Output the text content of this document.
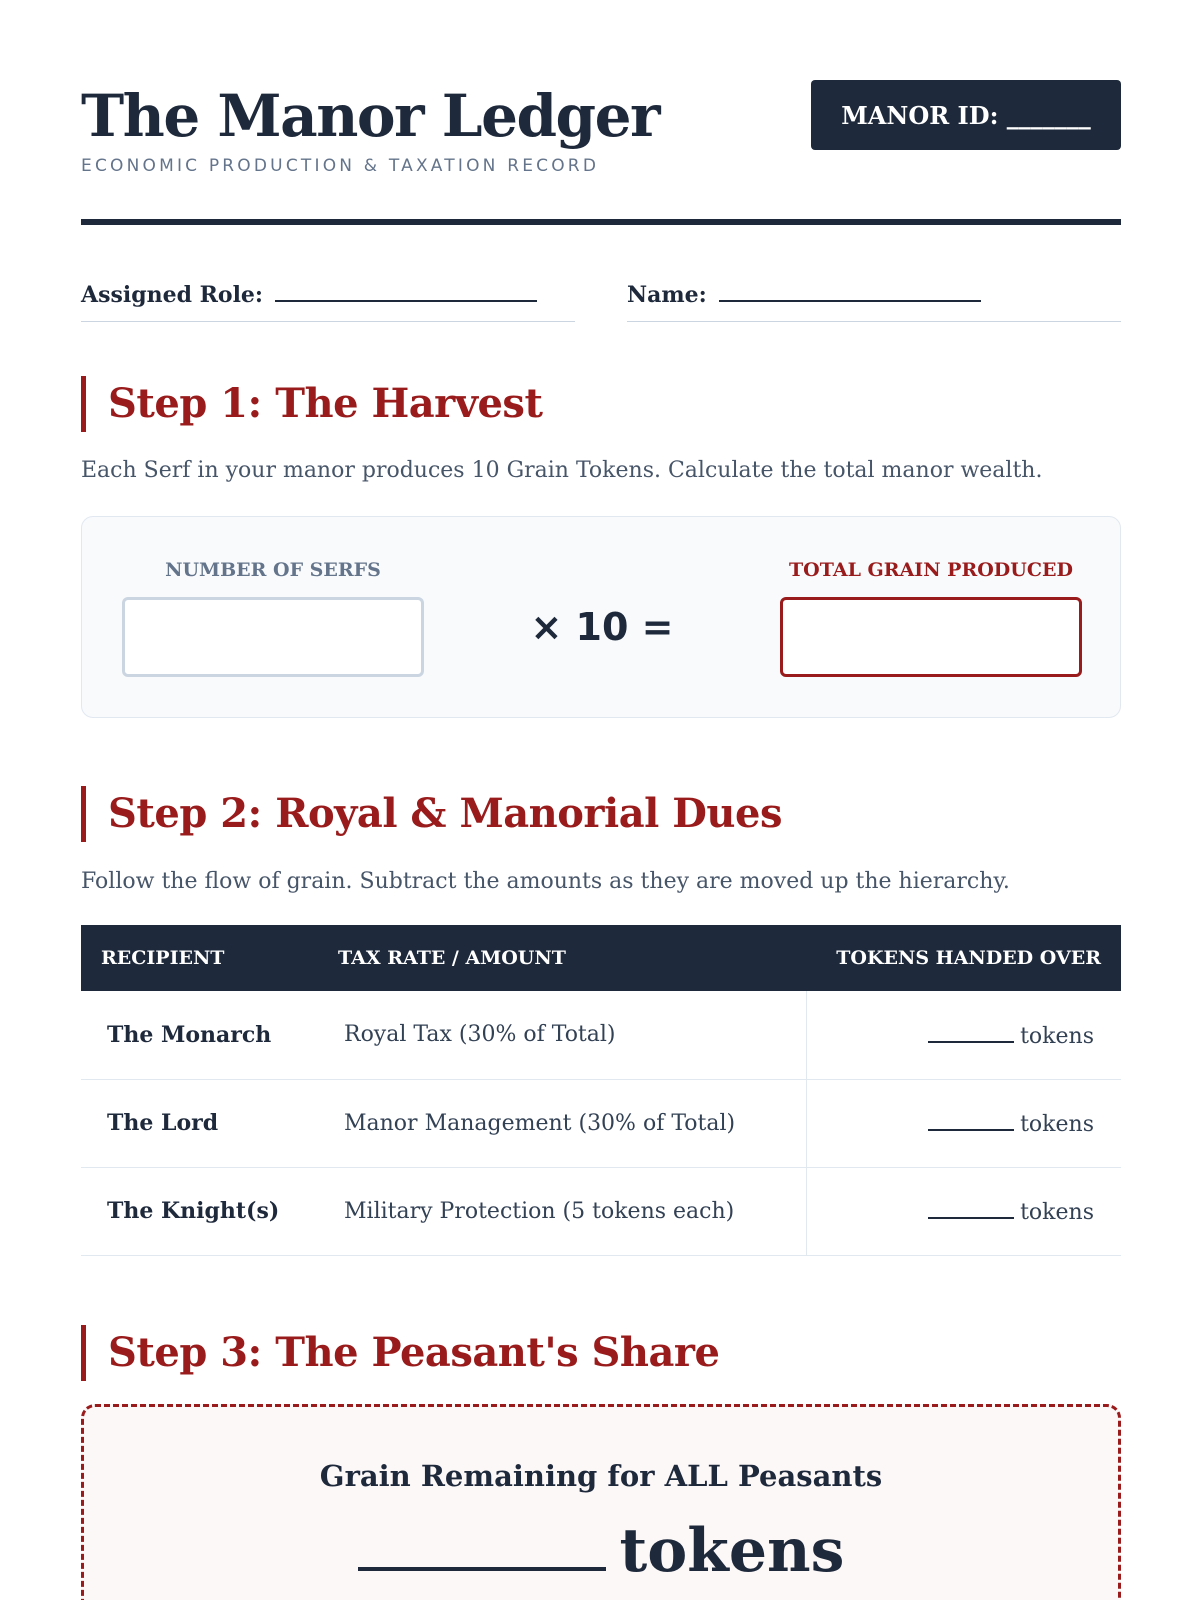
The Manor Ledger
ECONOMIC PRODUCTION & TAXATION RECORD
MANOR ID: _______
Assigned Role:	Name:
Step 1: The Harvest
Each Serf in your manor produces 10 Grain Tokens. Calculate the total manor wealth.
NUMBER OF SERFS
× 10 =
TOTAL GRAIN PRODUCED
Step 2: Royal & Manorial Dues
Follow the flow of grain. Subtract the amounts as they are moved up the hierarchy.
RECIPIENT	TAX RATE / AMOUNT	TOKENS HANDED OVER
The Monarch	Royal Tax (30% of Total)	tokens
The Lord	Manor Management (30% of Total)	tokens
The Knight(s)	Military Protection (5 tokens each)	tokens
Step 3: The Peasant's Share
Grain Remaining for ALL Peasants
tokens
